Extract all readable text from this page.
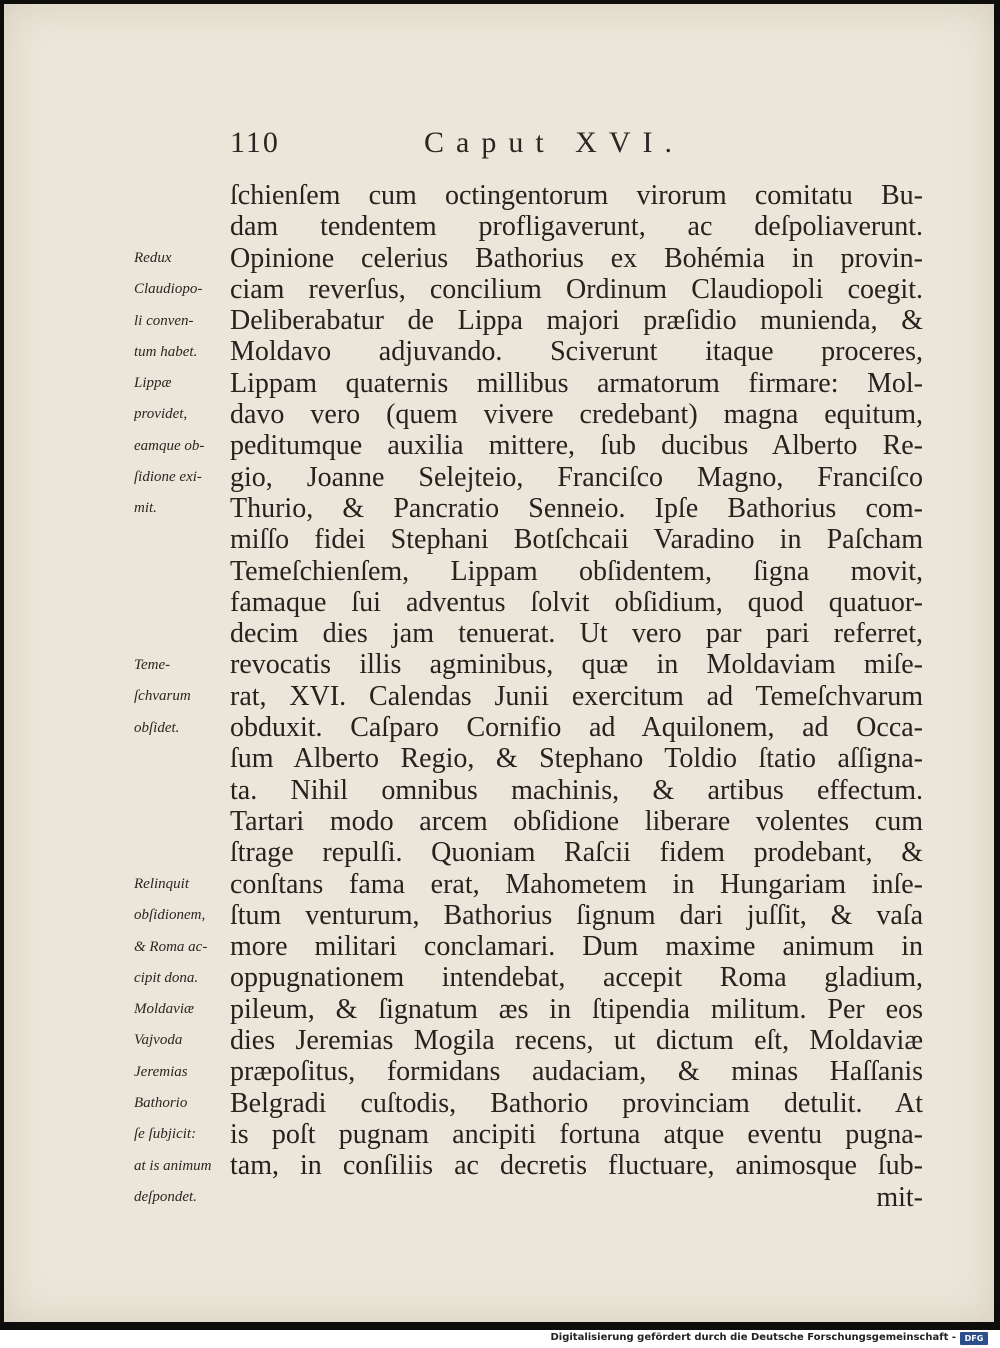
110	Caput XVI.
ſchienſem cum octingentorum virorum comitatu Bu-
dam tendentem profligaverunt, ac deſpoliaverunt.
Opinione celerius Bathorius ex Bohémia in provin-
ciam reverſus, concilium Ordinum Claudiopoli coegit.
Deliberabatur de Lippa majori præſidio munienda, &
Moldavo adjuvando. Sciverunt itaque proceres,
Lippam quaternis millibus armatorum firmare: Mol-
davo vero (quem vivere credebant) magna equitum,
peditumque auxilia mittere, ſub ducibus Alberto Re-
gio, Joanne Selejteio, Franciſco Magno, Franciſco
Thurio, & Pancratio Senneio. Ipſe Bathorius com-
miſſo fidei Stephani Botſchcaii Varadino in Paſcham
Temeſchienſem, Lippam obſidentem, ſigna movit,
famaque ſui adventus ſolvit obſidium, quod quatuor-
decim dies jam tenuerat. Ut vero par pari referret,
revocatis illis agminibus, quæ in Moldaviam miſe-
rat, XVI. Calendas Junii exercitum ad Temeſchvarum
obduxit. Caſparo Cornifio ad Aquilonem, ad Occa-
ſum Alberto Regio, & Stephano Toldio ſtatio aſſigna-
ta. Nihil omnibus machinis, & artibus effectum.
Tartari modo arcem obſidione liberare volentes cum
ſtrage repulſi. Quoniam Raſcii fidem prodebant, &
conſtans fama erat, Mahometem in Hungariam inſe-
ſtum venturum, Bathorius ſignum dari juſſit, & vaſa
more militari conclamari. Dum maxime animum in
oppugnationem intendebat, accepit Roma gladium,
pileum, & ſignatum æs in ſtipendia militum. Per eos
dies Jeremias Mogila recens, ut dictum eſt, Moldaviæ
præpoſitus, formidans audaciam, & minas Haſſanis
Belgradi cuſtodis, Bathorio provinciam detulit. At
is poſt pugnam ancipiti fortuna atque eventu pugna-
tam, in conſiliis ac decretis fluctuare, animosque ſub-
mit-
Redux
Claudiopo-
li conven-
tum habet.
Lippæ
providet,
eamque ob-
ſidione exi-
mit.
Teme-
ſchvarum
obſidet.
Relinquit
obſidionem,
& Roma ac-
cipit dona.
Moldaviæ
Vajvoda
Jeremias
Bathorio
ſe ſubjicit:
at is animum
deſpondet.
Digitalisierung gefördert durch die Deutsche Forschungsgemeinschaft -	DFG
